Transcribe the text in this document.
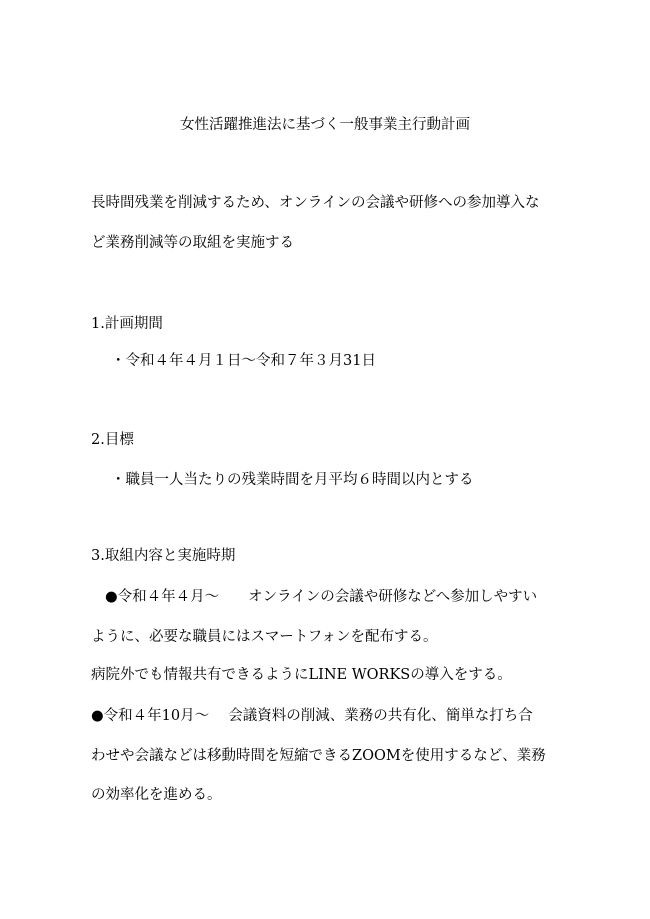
女性活躍推進法に基づく一般事業主行動計画
長時間残業を削減するため、オンラインの会議や研修への参加導入な
ど業務削減等の取組を実施する
1.計画期間
・令和４年４月１日～令和７年３月31日
2.目標
・職員一人当たりの残業時間を月平均６時間以内とする
3.取組内容と実施時期
●令和４年４月～　　オンラインの会議や研修などへ参加しやすい
ように、必要な職員にはスマートフォンを配布する。
病院外でも情報共有できるようにLINE WORKSの導入をする。
●令和４年10月～　 会議資料の削減、業務の共有化、簡単な打ち合
わせや会議などは移動時間を短縮できるZOOMを使用するなど、業務
の効率化を進める。
